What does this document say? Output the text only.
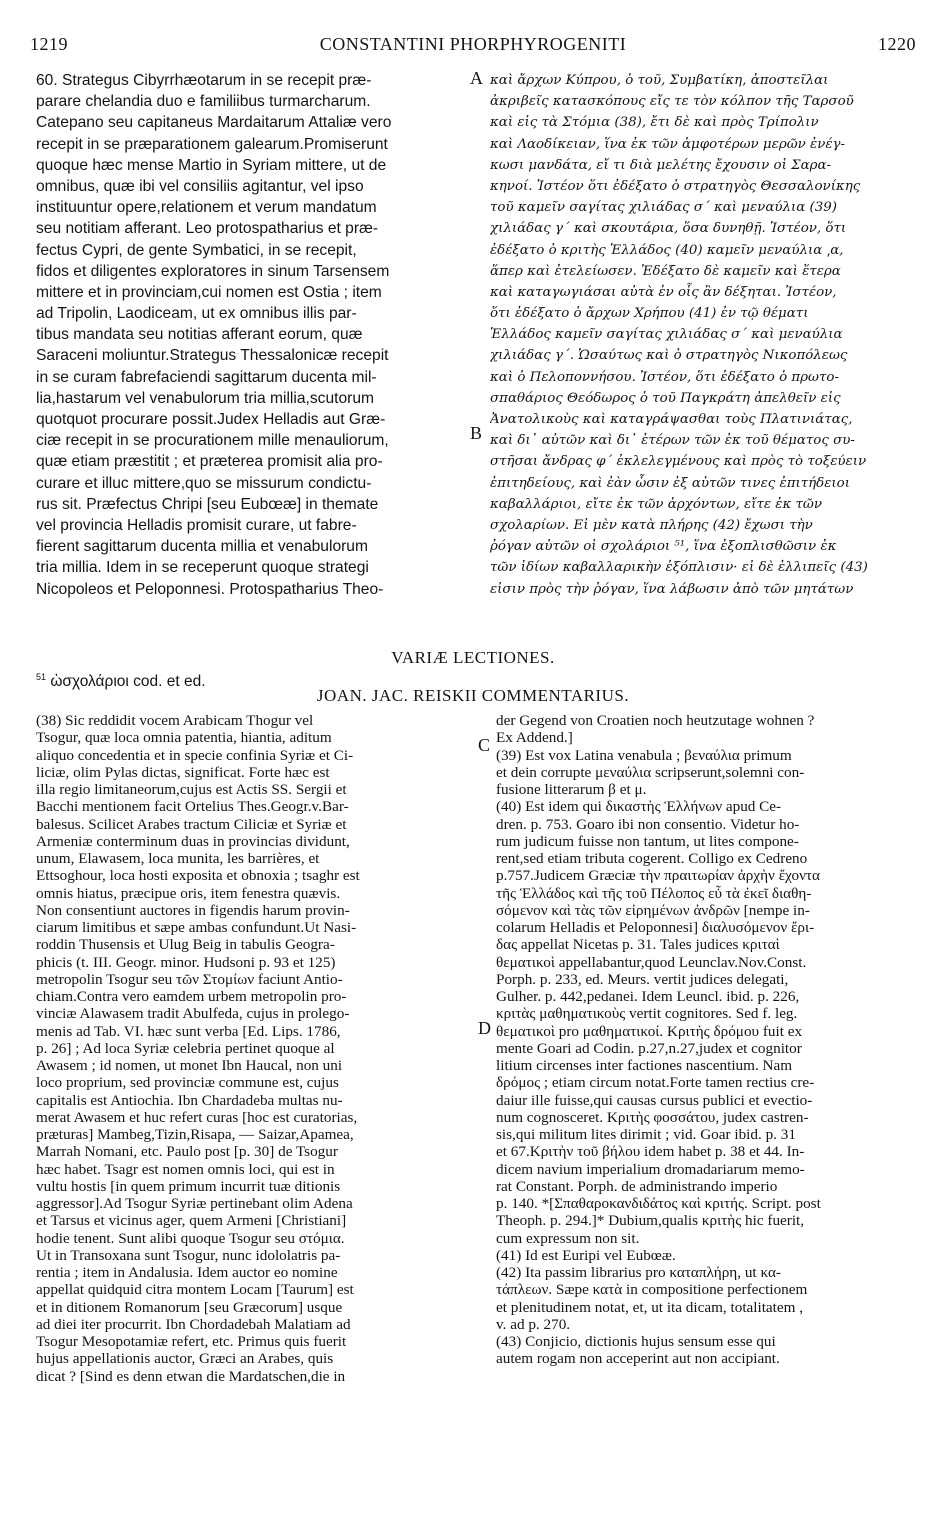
1219	CONSTANTINI PHORPHYROGENITI	1220
60. Strategus Cibyrrhæotarum in se recepit præ-
parare chelandia duo e familiibus turmarcharum.
Catepano seu capitaneus Mardaitarum Attaliæ vero
recepit in se præparationem galearum.Promiserunt
quoque hæc mense Martio in Syriam mittere, ut de
omnibus, quæ ibi vel consiliis agitantur, vel ipso
instituuntur opere,relationem et verum mandatum
seu notitiam afferant. Leo protospatharius et præ-
fectus Cypri, de gente Symbatici, in se recepit,
fidos et diligentes exploratores in sinum Tarsensem
mittere et in provinciam,cui nomen est Ostia ; item
ad Tripolin, Laodiceam, ut ex omnibus illis par-
tibus mandata seu notitias afferant eorum, quæ
Saraceni moliuntur.Strategus Thessalonicæ recepit
in se curam fabrefaciendi sagittarum ducenta mil-
lia,hastarum vel venabulorum tria millia,scutorum
quotquot procurare possit.Judex Helladis aut Græ-
ciæ recepit in se procurationem mille menauliorum,
quæ etiam præstitit ; et præterea promisit alia pro-
curare et illuc mittere,quo se missurum condictu-
rus sit. Præfectus Chripi [seu Eubœæ] in themate
vel provincia Helladis promisit curare, ut fabre-
fierent sagittarum ducenta millia et venabulorum
tria millia. Idem in se receperunt quoque strategi
Nicopoleos et Peloponnesi. Protospatharius Theo-
καὶ ἄρχων Κύπρου, ὁ τοῦ, Συμβατίκη, ἀποστεῖλαι
ἀκριβεῖς κατασκόπους εἴς τε τὸν κόλπον τῆς Ταρσοῦ
καὶ εἰς τὰ Στόμια (38), ἔτι δὲ καὶ πρὸς Τρίπολιν
καὶ Λαοδίκειαν, ἵνα ἐκ τῶν ἀμφοτέρων μερῶν ἐνέγ-
κωσι μανδάτα, εἴ τι διὰ μελέτης ἔχουσιν οἱ Σαρα-
κηνοί. Ἰστέον ὅτι ἐδέξατο ὁ στρατηγὸς Θεσσαλονίκης
τοῦ καμεῖν σαγίτας χιλιάδας σ΄ καὶ μεναύλια (39)
χιλιάδας γ΄ καὶ σκουτάρια, ὅσα δυνηθῇ. Ἰστέον, ὅτι
ἐδέξατο ὁ κριτὴς Ἑλλάδος (40) καμεῖν μεναύλια ͵α,
ἅπερ καὶ ἐτελείωσεν. Ἐδέξατο δὲ καμεῖν καὶ ἕτερα
καὶ καταγωγιάσαι αὐτὰ ἐν οἷς ἂν δέξηται. Ἰστέον,
ὅτι ἐδέξατο ὁ ἄρχων Χρήπου (41) ἐν τῷ θέματι
Ἑλλάδος καμεῖν σαγίτας χιλιάδας σ΄ καὶ μεναύλια
χιλιάδας γ΄. Ὡσαύτως καὶ ὁ στρατηγὸς Νικοπόλεως
καὶ ὁ Πελοποννήσου. Ἰστέον, ὅτι ἐδέξατο ὁ πρωτο-
σπαθάριος Θεόδωρος ὁ τοῦ Παγκράτη ἀπελθεῖν εἰς
Ἀνατολικοὺς καὶ καταγράψασθαι τοὺς Πλατινιάτας,
καὶ δι᾽ αὐτῶν καὶ δι᾽ ἑτέρων τῶν ἐκ τοῦ θέματος συ-
στῆσαι ἄνδρας φ΄ ἐκλελεγμένους καὶ πρὸς τὸ τοξεύειν
ἐπιτηδείους, καὶ ἐὰν ὦσιν ἐξ αὐτῶν τινες ἐπιτήδειοι
καβαλλάριοι, εἴτε ἐκ τῶν ἀρχόντων, εἴτε ἐκ τῶν
σχολαρίων. Εἰ μὲν κατὰ πλήρης (42) ἔχωσι τὴν
ῥόγαν αὐτῶν οἱ σχολάριοι ⁵¹, ἵνα ἐξοπλισθῶσιν ἐκ
τῶν ἰδίων καβαλλαρικὴν ἐξόπλισιν· εἰ δὲ ἐλλιπεῖς (43)
εἰσιν πρὸς τὴν ῥόγαν, ἵνα λάβωσιν ἀπὸ τῶν μητάτων
A
B
VARIÆ LECTIONES.
$^{51}$ ὠσχολάριοι cod. et ed.
JOAN. JAC. REISKII COMMENTARIUS.
(38) Sic reddidit vocem Arabicam Thogur vel
Tsogur, quæ loca omnia patentia, hiantia, aditum
aliquo concedentia et in specie confinia Syriæ et Ci-
liciæ, olim Pylas dictas, significat. Forte hæc est
illa regio limitaneorum,cujus est Actis SS. Sergii et
Bacchi mentionem facit Ortelius Thes.Geogr.v.Bar-
balesus. Scilicet Arabes tractum Ciliciæ et Syriæ et
Armeniæ conterminum duas in provincias dividunt,
unum, Elawasem, loca munita, les barrières, et
Ettsoghour, loca hosti exposita et obnoxia ; tsaghr est
omnis hiatus, præcipue oris, item fenestra quævis.
Non consentiunt auctores in figendis harum provin-
ciarum limitibus et sæpe ambas confundunt.Ut Nasi-
roddin Thusensis et Ulug Beig in tabulis Geogra-
phicis (t. III. Geogr. minor. Hudsoni p. 93 et 125)
metropolin Tsogur seu τῶν Στομίων faciunt Antio-
chiam.Contra vero eamdem urbem metropolin pro-
vinciæ Alawasem tradit Abulfeda, cujus in prolego-
menis ad Tab. VI. hæc sunt verba [Ed. Lips. 1786,
p. 26] ; Ad loca Syriæ celebria pertinet quoque al
Awasem ; id nomen, ut monet Ibn Haucal, non uni
loco proprium, sed provinciæ commune est, cujus
capitalis est Antiochia. Ibn Chardadeba multas nu-
merat Awasem et huc refert curas [hoc est curatorias,
præturas] Mambeg,Tizin,Risapa, — Saizar,Apamea,
Marrah Nomani, etc. Paulo post [p. 30] de Tsogur
hæc habet. Tsagr est nomen omnis loci, qui est in
vultu hostis [in quem primum incurrit tuæ ditionis
aggressor].Ad Tsogur Syriæ pertinebant olim Adena
et Tarsus et vicinus ager, quem Armeni [Christiani]
hodie tenent. Sunt alibi quoque Tsogur seu στόμια.
Ut in Transoxana sunt Tsogur, nunc idololatris pa-
rentia ; item in Andalusia. Idem auctor eo nomine
appellat quidquid citra montem Locam [Taurum] est
et in ditionem Romanorum [seu Græcorum] usque
ad diei iter procurrit. Ibn Chordadebah Malatiam ad
Tsogur Mesopotamiæ refert, etc. Primus quis fuerit
hujus appellationis auctor, Græci an Arabes, quis
dicat ? [Sind es denn etwan die Mardatschen,die in
der Gegend von Croatien noch heutzutage wohnen ?
Ex Addend.]
(39) Est vox Latina venabula ; βεναύλια primum
et dein corrupte μεναύλια scripserunt,solemni con-
fusione litterarum β et μ.
(40) Est idem qui δικαστὴς Ἑλλήνων apud Ce-
dren. p. 753. Goaro ibi non consentio. Videtur ho-
rum judicum fuisse non tantum, ut lites compone-
rent,sed etiam tributa cogerent. Colligo ex Cedreno
p.757.Judicem Græciæ τὴν πραιτωρίαν ἀρχὴν ἔχοντα
τῆς Ἑλλάδος καὶ τῆς τοῦ Πέλοπος εὖ τὰ ἐκεῖ διαθη-
σόμενον καὶ τὰς τῶν εἰρημένων ἀνδρῶν [nempe in-
colarum Helladis et Peloponnesi] διαλυσόμενον ἔρι-
δας appellat Nicetas p. 31. Tales judices κριταὶ
θεματικοὶ appellabantur,quod Leunclav.Nov.Const.
Porph. p. 233, ed. Meurs. vertit judices delegati,
Gulher. p. 442,pedanei. Idem Leuncl. ibid. p. 226,
κριτὰς μαθηματικοὺς vertit cognitores. Sed f. leg.
θεματικοὶ pro μαθηματικοί. Κριτὴς δρόμου fuit ex
mente Goari ad Codin. p.27,n.27,judex et cognitor
litium circenses inter factiones nascentium. Nam
δρόμος ; etiam circum notat.Forte tamen rectius cre-
daiur ille fuisse,qui causas cursus publici et evectio-
num cognosceret. Κριτὴς φοσσάτου, judex castren-
sis,qui militum lites dirimit ; vid. Goar ibid. p. 31
et 67.Κριτὴν τοῦ βήλου idem habet p. 38 et 44. In-
dicem navium imperialium dromadariarum memo-
rat Constant. Porph. de administrando imperio
p. 140. *[Σπαθαροκανδιδάτος καὶ κριτής. Script. post
Theoph. p. 294.]* Dubium,qualis κριτὴς hic fuerit,
cum expressum non sit.
(41) Id est Euripi vel Eubœæ.
(42) Ita passim librarius pro καταπλήρη, ut κα-
τάπλεων. Sæpe κατὰ in compositione perfectionem
et plenitudinem notat, et, ut ita dicam, totalitatem ,
v. ad p. 270.
(43) Conjicio, dictionis hujus sensum esse qui
autem rogam non acceperint aut non accipiant.
C
D
